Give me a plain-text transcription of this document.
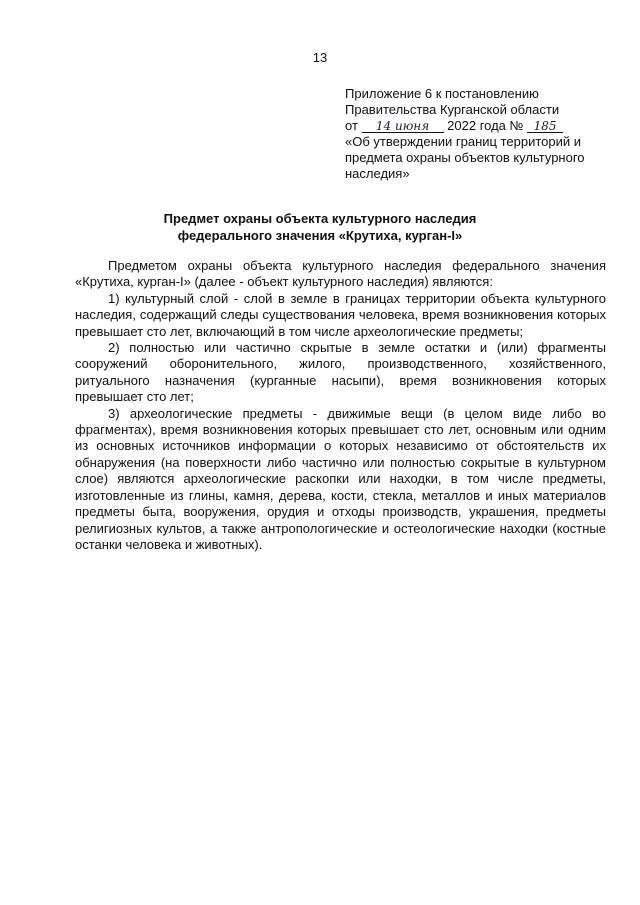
13
Приложение 6 к постановлению
Правительства Курганской области
от 14 июня 2022 года № 185
«Об утверждении границ территорий и
предмета охраны объектов культурного
наследия»
Предмет охраны объекта культурного наследия
федерального значения «Крутиха, курган-I»

Предметом охраны объекта культурного наследия федерального значения «Крутиха, курган-I» (далее - объект культурного наследия) являются:

1) культурный слой - слой в земле в границах территории объекта культурного наследия, содержащий следы существования человека, время возникновения которых превышает сто лет, включающий в том числе археологические предметы;

2) полностью или частично скрытые в земле остатки и (или) фрагменты сооружений оборонительного, жилого, производственного, хозяйственного, ритуального назначения (курганные насыпи), время возникновения которых превышает сто лет;

3) археологические предметы - движимые вещи (в целом виде либо во фрагментах), время возникновения которых превышает сто лет, основным или одним из основных источников информации о которых независимо от обстоятельств их обнаружения (на поверхности либо частично или полностью сокрытые в культурном слое) являются археологические раскопки или находки, в том числе предметы, изготовленные из глины, камня, дерева, кости, стекла, металлов и иных материалов предметы быта, вооружения, орудия и отходы производств, украшения, предметы религиозных культов, а также антропологические и остеологические находки (костные останки человека и животных).
